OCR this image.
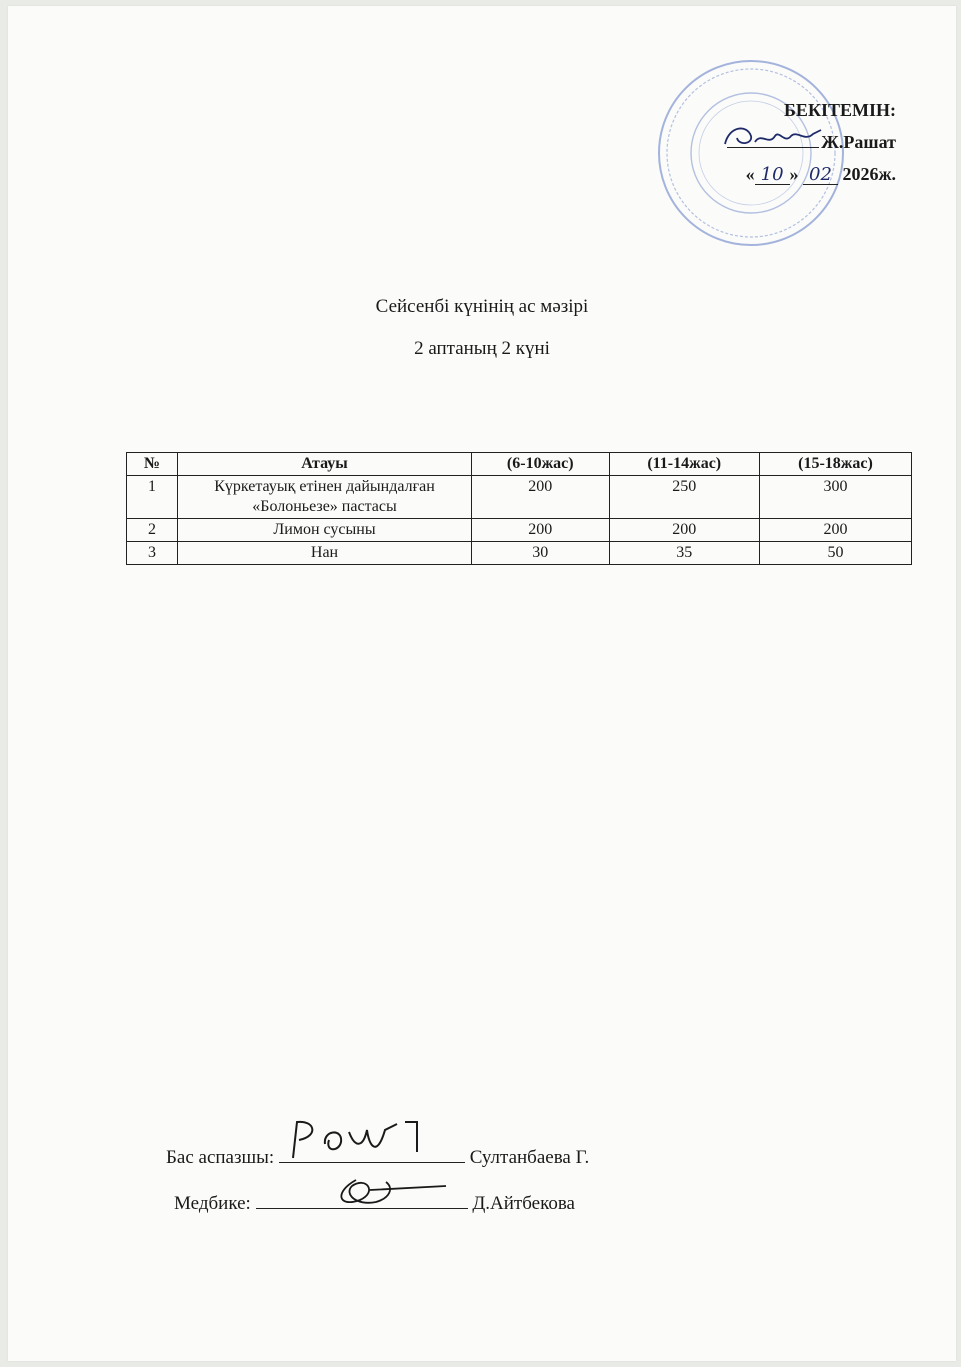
БЕКІТЕМІН:
Ж.Рашат
« 10 » 02 2026ж.
Сейсенбі күнінің ас мәзірі
2 аптаның 2 күні
№	Атауы	(6-10жас)	(11-14жас)	(15-18жас)
1	Күркетауық етінен дайындалған «Болоньезе» пастасы	200	250	300
2	Лимон сусыны	200	200	200
3	Нан	30	35	50
Бас аспазшы:	Султанбаева Г.
Медбике:	Д.Айтбекова
